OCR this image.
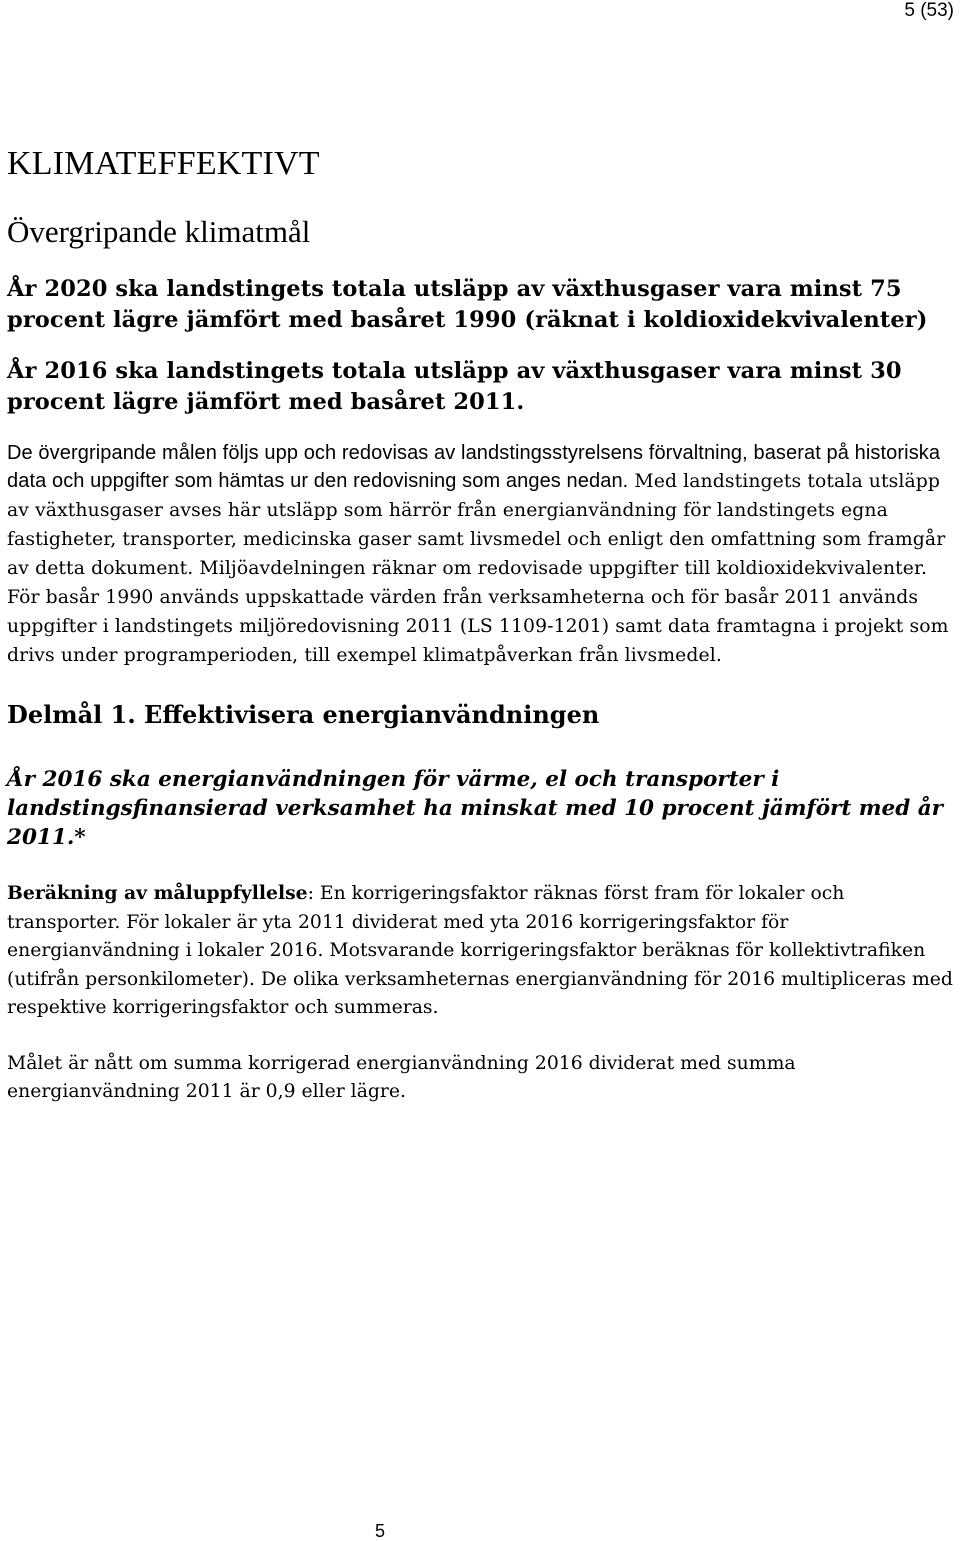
5 (53)
KLIMATEFFEKTIVT
Övergripande klimatmål

År 2020 ska landstingets totala utsläpp av växthusgaser vara minst 75 procent lägre jämfört med basåret 1990 (räknat i koldioxidekvivalenter)

År 2016 ska landstingets totala utsläpp av växthusgaser vara minst 30 procent lägre jämfört med basåret 2011.

De övergripande målen följs upp och redovisas av landstingsstyrelsens förvaltning, baserat på historiska data och uppgifter som hämtas ur den redovisning som anges nedan. Med landstingets totala utsläpp av växthusgaser avses här utsläpp som härrör från energianvändning för landstingets egna fastigheter, transporter, medicinska gaser samt livsmedel och enligt den omfattning som framgår av detta dokument. Miljöavdelningen räknar om redovisade uppgifter till koldioxidekvivalenter. För basår 1990 används uppskattade värden från verksamheterna och för basår 2011 används uppgifter i landstingets miljöredovisning 2011 (LS 1109-1201) samt data framtagna i projekt som drivs under programperioden, till exempel klimatpåverkan från livsmedel.

Delmål 1. Effektivisera energianvändningen

År 2016 ska energianvändningen för värme, el och transporter i landstingsfinansierad verksamhet ha minskat med 10 procent jämfört med år 2011.*

Beräkning av måluppfyllelse: En korrigeringsfaktor räknas först fram för lokaler och transporter. För lokaler är yta 2011 dividerat med yta 2016 korrigeringsfaktor för energianvändning i lokaler 2016. Motsvarande korrigeringsfaktor beräknas för kollektivtrafiken (utifrån personkilometer). De olika verksamheternas energianvändning för 2016 multipliceras med respektive korrigeringsfaktor och summeras.

Målet är nått om summa korrigerad energianvändning 2016 dividerat med summa energianvändning 2011 är 0,9 eller lägre.

5
